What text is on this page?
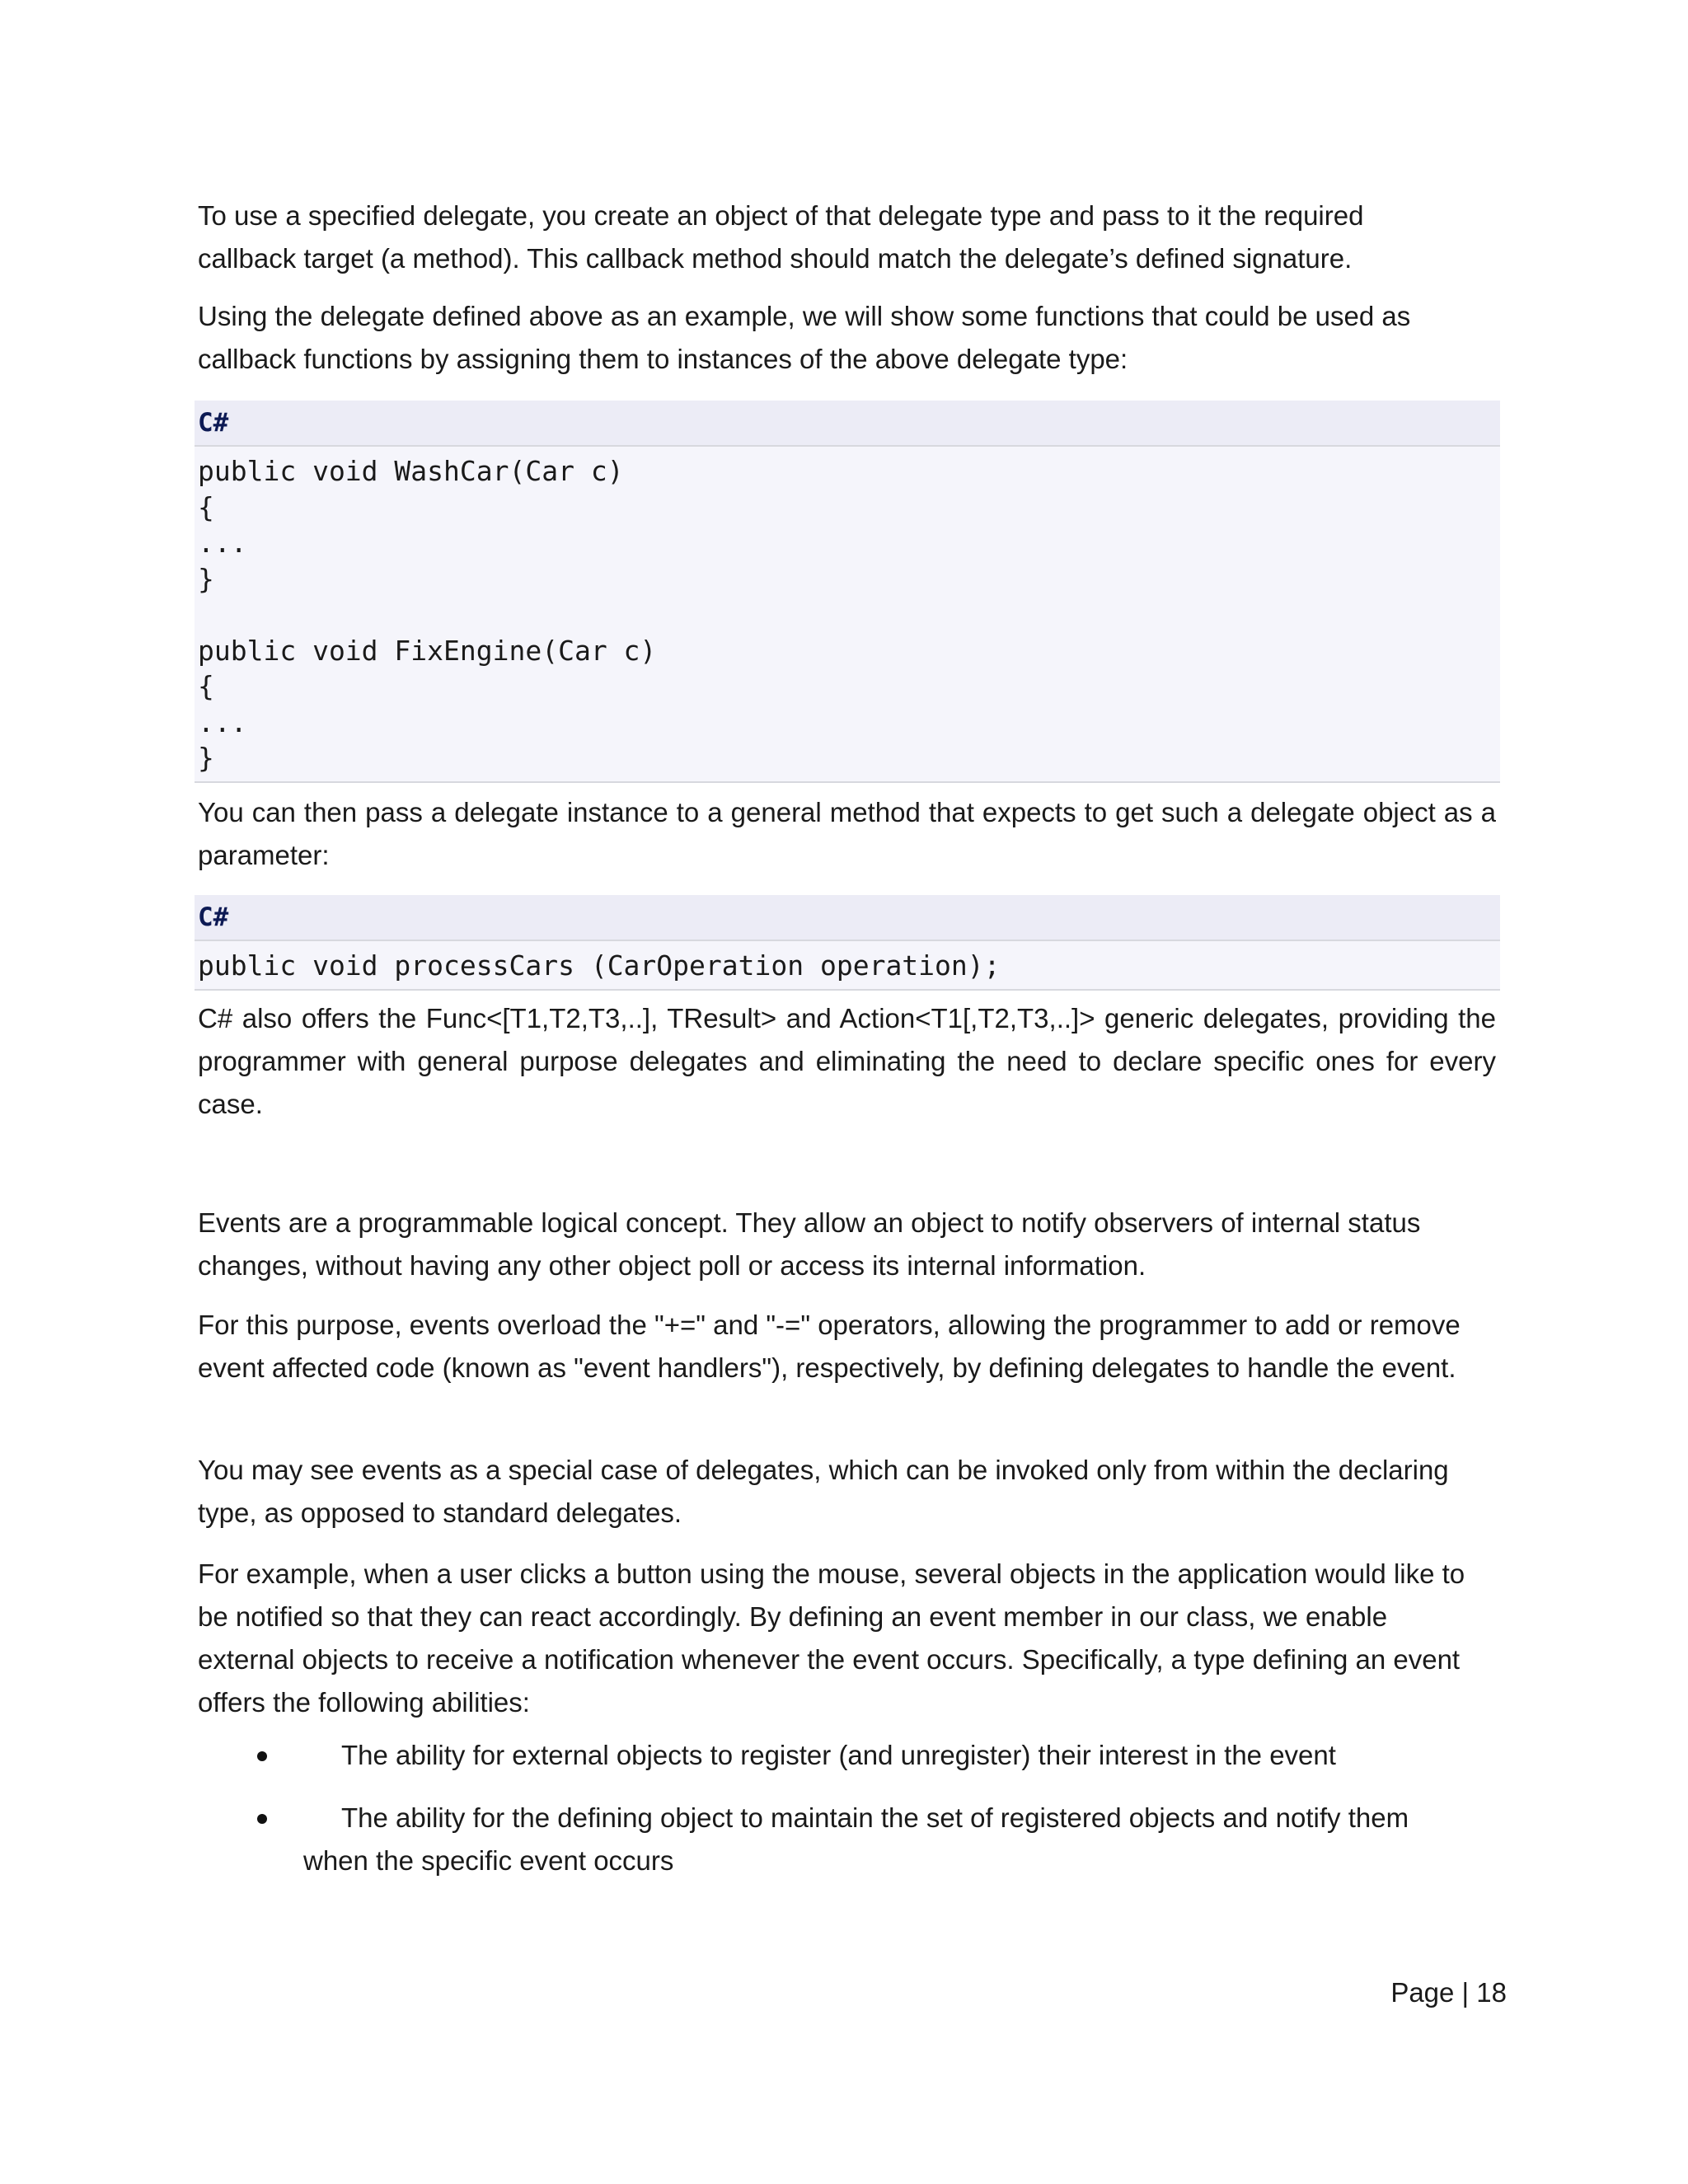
To use a specified delegate, you create an object of that delegate type and pass to it the required callback target (a method). This callback method should match the delegate’s defined signature.

Using the delegate defined above as an example, we will show some functions that could be used as callback functions by assigning them to instances of the above delegate type:

C#
public void WashCar(Car c)
{
...
}

public void FixEngine(Car c)
{
...
}

You can then pass a delegate instance to a general method that expects to get such a delegate object as a parameter:

C#
public void processCars (CarOperation operation);

C# also offers the Func<[T1,T2,T3,..], TResult> and Action<T1[,T2,T3,..]> generic delegates, providing the programmer with general purpose delegates and eliminating the need to declare specific ones for every case.

Events are a programmable logical concept. They allow an object to notify observers of internal status changes, without having any other object poll or access its internal information.

For this purpose, events overload the "+=" and "-=" operators, allowing the programmer to add or remove event affected code (known as "event handlers"), respectively, by defining delegates to handle the event.

You may see events as a special case of delegates, which can be invoked only from within the declaring type, as opposed to standard delegates.

For example, when a user clicks a button using the mouse, several objects in the application would like to be notified so that they can react accordingly. By defining an event member in our class, we enable external objects to receive a notification whenever the event occurs. Specifically, a type defining an event offers the following abilities:

The ability for external objects to register (and unregister) their interest in the event
The ability for the defining object to maintain the set of registered objects and notify them when the specific event occurs
Page | 18
